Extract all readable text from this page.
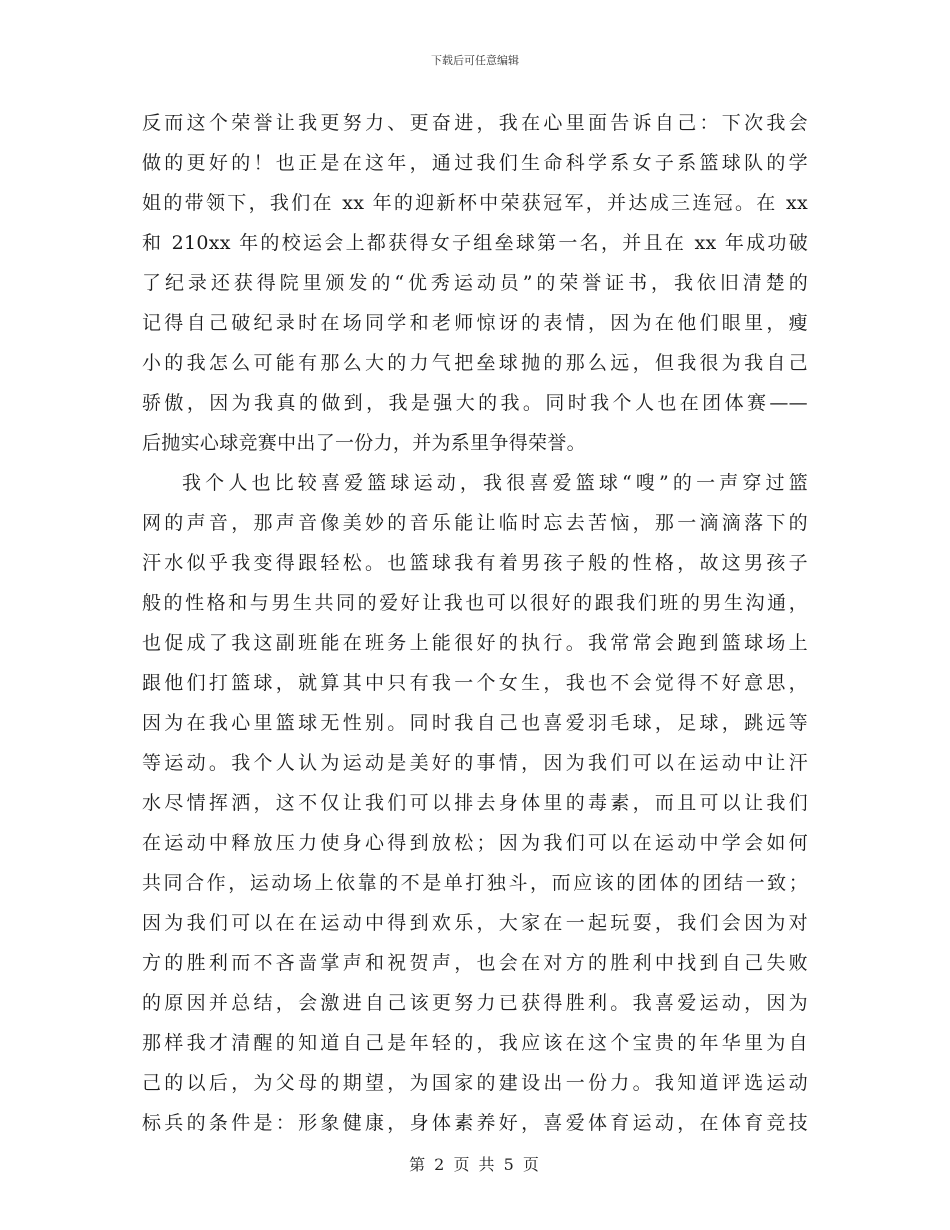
下载后可任意编辑
反而这个荣誉让我更努力、更奋进，我在心里面告诉自己：下次我会
做的更好的！也正是在这年，通过我们生命科学系女子系篮球队的学
姐的带领下，我们在 xx 年的迎新杯中荣获冠军，并达成三连冠。在 xx
和 210xx 年的校运会上都获得女子组垒球第一名，并且在 xx 年成功破
了纪录还获得院里颁发的“优秀运动员”的荣誉证书，我依旧清楚的
记得自己破纪录时在场同学和老师惊讶的表情，因为在他们眼里，瘦
小的我怎么可能有那么大的力气把垒球抛的那么远，但我很为我自己
骄傲，因为我真的做到，我是强大的我。同时我个人也在团体赛——
后抛实心球竞赛中出了一份力，并为系里争得荣誉。
我个人也比较喜爱篮球运动，我很喜爱篮球“嗖”的一声穿过篮
网的声音，那声音像美妙的音乐能让临时忘去苦恼，那一滴滴落下的
汗水似乎我变得跟轻松。也篮球我有着男孩子般的性格，故这男孩子
般的性格和与男生共同的爱好让我也可以很好的跟我们班的男生沟通，
也促成了我这副班能在班务上能很好的执行。我常常会跑到篮球场上
跟他们打篮球，就算其中只有我一个女生，我也不会觉得不好意思，
因为在我心里篮球无性别。同时我自己也喜爱羽毛球，足球，跳远等
等运动。我个人认为运动是美好的事情，因为我们可以在运动中让汗
水尽情挥洒，这不仅让我们可以排去身体里的毒素，而且可以让我们
在运动中释放压力使身心得到放松；因为我们可以在运动中学会如何
共同合作，运动场上依靠的不是单打独斗，而应该的团体的团结一致；
因为我们可以在在运动中得到欢乐，大家在一起玩耍，我们会因为对
方的胜利而不吝啬掌声和祝贺声，也会在对方的胜利中找到自己失败
的原因并总结，会激进自己该更努力已获得胜利。我喜爱运动，因为
那样我才清醒的知道自己是年轻的，我应该在这个宝贵的年华里为自
己的以后，为父母的期望，为国家的建设出一份力。我知道评选运动
标兵的条件是：形象健康，身体素养好，喜爱体育运动，在体育竞技
第 2 页 共 5 页
